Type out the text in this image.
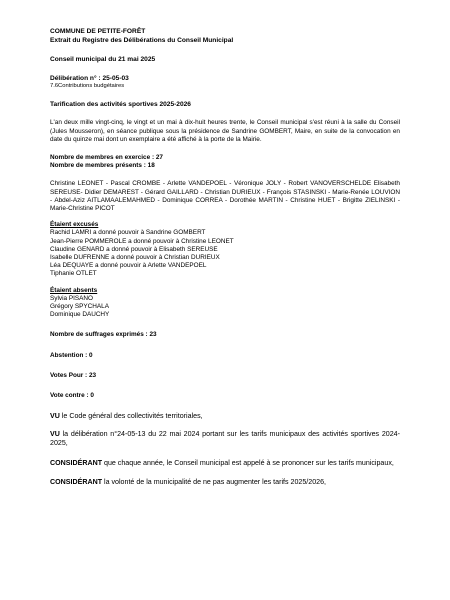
COMMUNE DE PETITE-FORÊT
Extrait du Registre des Délibérations du Conseil Municipal
Conseil municipal du 21 mai 2025
Délibération n° : 25-05-03
7.6Contributions budgétaires
Tarification des activités sportives 2025-2026

L'an deux mille vingt-cinq, le vingt et un mai à dix-huit heures trente, le Conseil municipal s'est réuni à la salle du Conseil (Jules Mousseron), en séance publique sous la présidence de Sandrine GOMBERT, Maire, en suite de la convocation en date du quinze mai dont un exemplaire a été affiché à la porte de la Mairie.

Nombre de membres en exercice : 27
Nombre de membres présents : 18

Christine LEONET - Pascal CROMBE - Arlette VANDEPOEL - Véronique JOLY - Robert VANOVERSCHELDE Elisabeth SEREUSE- Didier DEMAREST - Gérard GAILLARD - Christian DURIEUX - François STASINSKI - Marie-Renée LOUVION - Abdel-Aziz AITLAMAALEMAHMED - Dominique CORREA - Dorothée MARTIN - Christine HUET - Brigitte ZIELINSKI - Marie-Christine PICOT

Étaient excusés
Rachid LAMRI a donné pouvoir à Sandrine GOMBERT
Jean-Pierre POMMEROLE a donné pouvoir à Christine LEONET
Claudine GENARD a donné pouvoir à Elisabeth SEREUSE
Isabelle DUFRENNE a donné pouvoir à Christian DURIEUX
Léa DEQUAYE a donné pouvoir à Arlette VANDEPOEL
Tiphanie OTLET
Étaient absents
Sylvia PISANO
Grégory SPYCHALA
Dominique DAUCHY
Nombre de suffrages exprimés : 23
Abstention : 0
Votes Pour : 23
Vote contre : 0

VU le Code général des collectivités territoriales,

VU la délibération n°24-05-13 du 22 mai 2024 portant sur les tarifs municipaux des activités sportives 2024-2025,

CONSIDÉRANT que chaque année, le Conseil municipal est appelé à se prononcer sur les tarifs municipaux,

CONSIDÉRANT la volonté de la municipalité de ne pas augmenter les tarifs 2025/2026,
